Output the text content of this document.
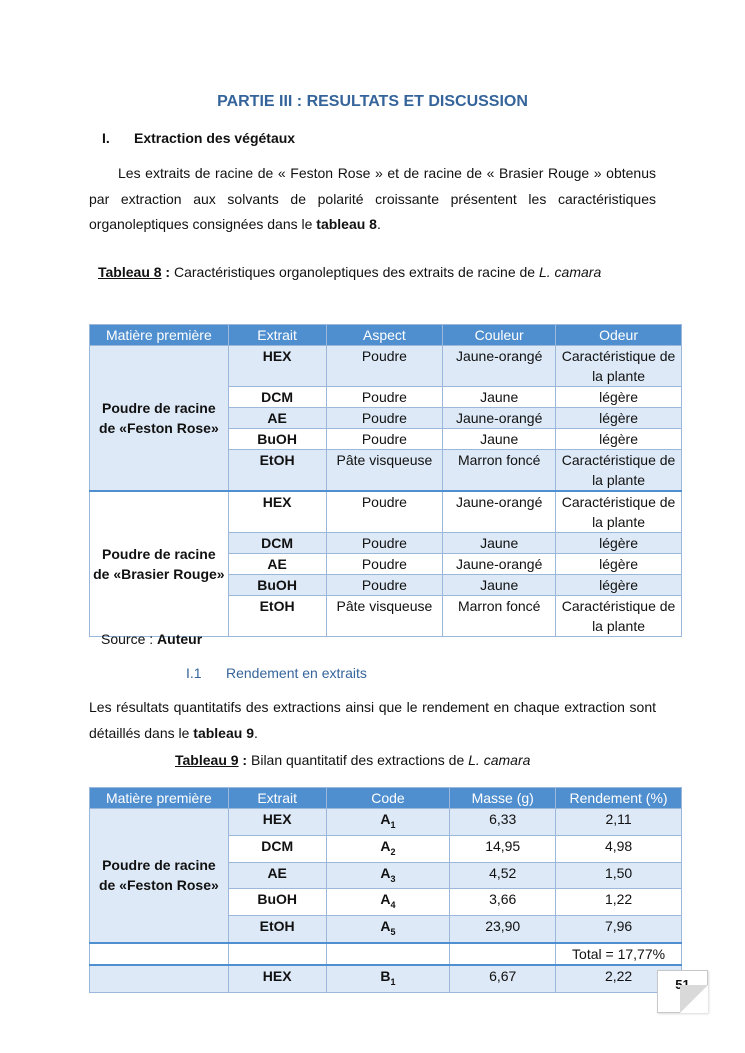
PARTIE III : RESULTATS ET DISCUSSION
I. Extraction des végétaux
Les extraits de racine de « Feston Rose » et de racine de « Brasier Rouge » obtenus par extraction aux solvants de polarité croissante présentent les caractéristiques organoleptiques consignées dans le tableau 8.
Tableau 8 : Caractéristiques organoleptiques des extraits de racine de L. camara
Matière première	Extrait	Aspect	Couleur	Odeur
Poudre de racine de «Feston Rose»	HEX	Poudre	Jaune-orangé	Caractéristique de la plante
	DCM	Poudre	Jaune	légère
	AE	Poudre	Jaune-orangé	légère
	BuOH	Poudre	Jaune	légère
	EtOH	Pâte visqueuse	Marron foncé	Caractéristique de la plante
Poudre de racine de «Brasier Rouge»	HEX	Poudre	Jaune-orangé	Caractéristique de la plante
	DCM	Poudre	Jaune	légère
	AE	Poudre	Jaune-orangé	légère
	BuOH	Poudre	Jaune	légère
	EtOH	Pâte visqueuse	Marron foncé	Caractéristique de la plante
Source : Auteur
I.1 Rendement en extraits
Les résultats quantitatifs des extractions ainsi que le rendement en chaque extraction sont détaillés dans le tableau 9.
Tableau 9 : Bilan quantitatif des extractions de L. camara
Matière première	Extrait	Code	Masse (g)	Rendement (%)
Poudre de racine de «Feston Rose»	HEX	$A_1$	6,33	2,11
	DCM	$A_2$	14,95	4,98
	AE	$A_3$	4,52	1,50
	BuOH	$A_4$	3,66	1,22
	EtOH	$A_5$	23,90	7,96
				Total = 17,77%
	HEX	$B_1$	6,67	2,22
51
